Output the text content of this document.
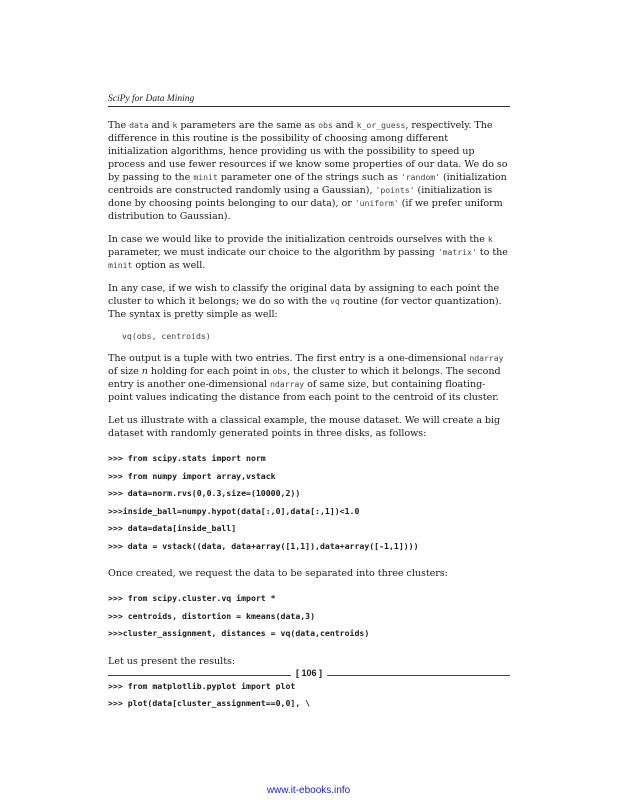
SciPy for Data Mining

The data and k parameters are the same as obs and k_or_guess, respectively. The difference in this routine is the possibility of choosing among different initialization algorithms, hence providing us with the possibility to speed up process and use fewer resources if we know some properties of our data. We do so by passing to the minit parameter one of the strings such as 'random' (initialization centroids are constructed randomly using a Gaussian), 'points' (initialization is done by choosing points belonging to our data), or 'uniform' (if we prefer uniform distribution to Gaussian).

In case we would like to provide the initialization centroids ourselves with the k parameter, we must indicate our choice to the algorithm by passing 'matrix' to the minit option as well.

In any case, if we wish to classify the original data by assigning to each point the cluster to which it belongs; we do so with the vq routine (for vector quantization). The syntax is pretty simple as well:

vq(obs, centroids)

The output is a tuple with two entries. The first entry is a one-dimensional ndarray of size n holding for each point in obs, the cluster to which it belongs. The second entry is another one-dimensional ndarray of same size, but containing floating-point values indicating the distance from each point to the centroid of its cluster.

Let us illustrate with a classical example, the mouse dataset. We will create a big dataset with randomly generated points in three disks, as follows:

>>> from scipy.stats import norm
>>> from numpy import array,vstack
>>> data=norm.rvs(0,0.3,size=(10000,2))
>>>inside_ball=numpy.hypot(data[:,0],data[:,1])<1.0
>>> data=data[inside_ball]
>>> data = vstack((data, data+array([1,1]),data+array([-1,1])))

Once created, we request the data to be separated into three clusters:

>>> from scipy.cluster.vq import *
>>> centroids, distortion = kmeans(data,3)
>>>cluster_assignment, distances = vq(data,centroids)

Let us present the results:

>>> from matplotlib.pyplot import plot
>>> plot(data[cluster_assignment==0,0], \
[ 106 ]
www.it-ebooks.info
